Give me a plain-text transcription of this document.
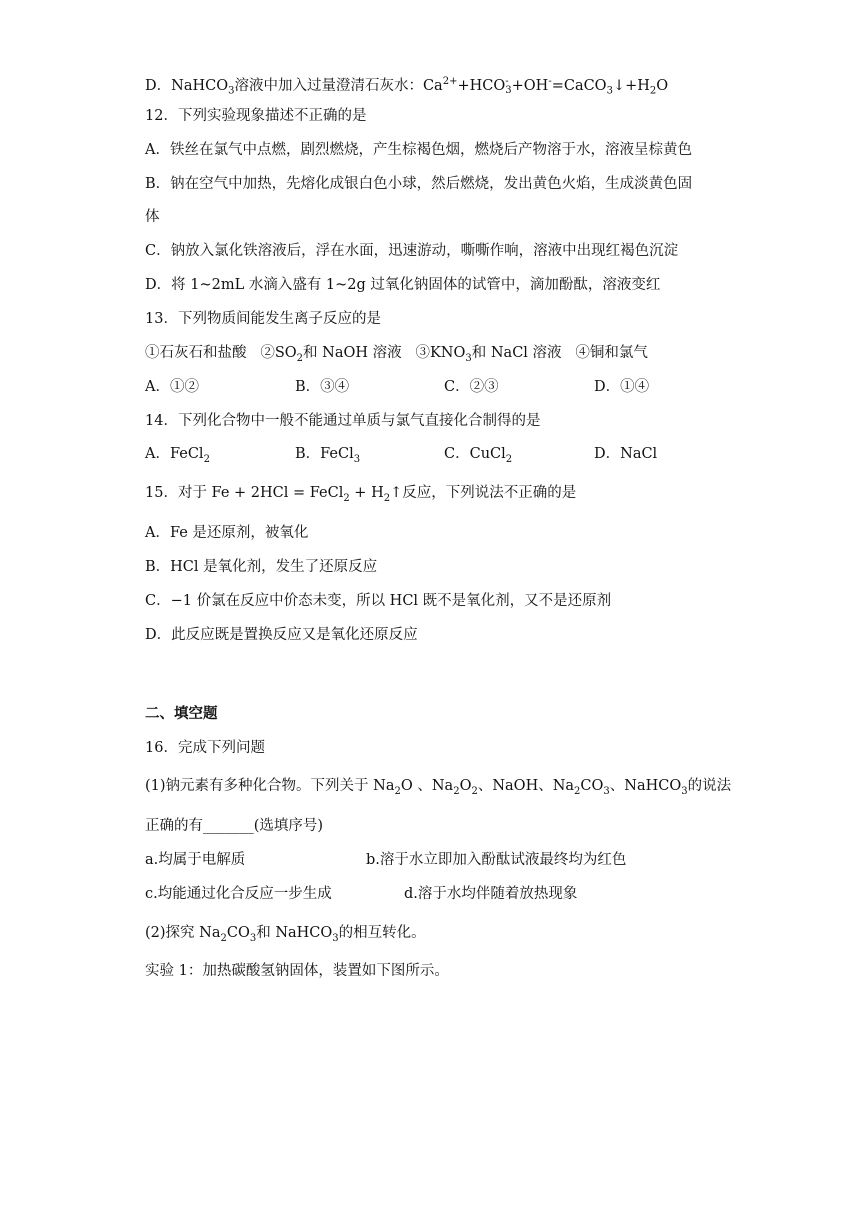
D．NaHCO$_3$溶液中加入过量澄清石灰水：$Ca^{2+}+HCO$ -
$3 +OH^-=CaCO_3↓+H_2O$
12．下列实验现象描述不正确的是
A．铁丝在氯气中点燃，剧烈燃烧，产生棕褐色烟，燃烧后产物溶于水，溶液呈棕黄色
B．钠在空气中加热，先熔化成银白色小球，然后燃烧，发出黄色火焰，生成淡黄色固
体
C．钠放入氯化铁溶液后，浮在水面，迅速游动，嘶嘶作响，溶液中出现红褐色沉淀
D．将 1~2mL 水滴入盛有 1~2g 过氧化钠固体的试管中，滴加酚酞，溶液变红
13．下列物质间能发生离子反应的是
①石灰石和盐酸 $②SO_2$和 NaOH 溶液 $③KNO_3$和 NaCl 溶液 ④铜和氯气
A．①②	B．③④	C．②③	D．①④
14．下列化合物中一般不能通过单质与氯气直接化合制得的是
A．FeCl$_2$	B．FeCl$_3$	C．CuCl$_2$	D．NaCl
15．对于 Fe + 2HCl = FeCl$_2$ + $H_2↑$反应，下列说法不正确的是
A．Fe 是还原剂，被氧化
B．HCl 是氧化剂，发生了还原反应
C．−1 价氯在反应中价态未变，所以 HCl 既不是氧化剂，又不是还原剂
D．此反应既是置换反应又是氧化还原反应
二、填空题
16．完成下列问题
(1)钠元素有多种化合物。下列关于 $Na_2O$ 、$Na_2O_2$、NaOH、$Na_2CO_3$、NaHCO$_3$的说法
正确的有_______(选填序号)
a.均属于电解质	b.溶于水立即加入酚酞试液最终均为红色
c.均能通过化合反应一步生成	d.溶于水均伴随着放热现象
(2)探究 $Na_2CO_3$和 NaHCO$_3$的相互转化。
实验 1：加热碳酸氢钠固体，装置如下图所示。
